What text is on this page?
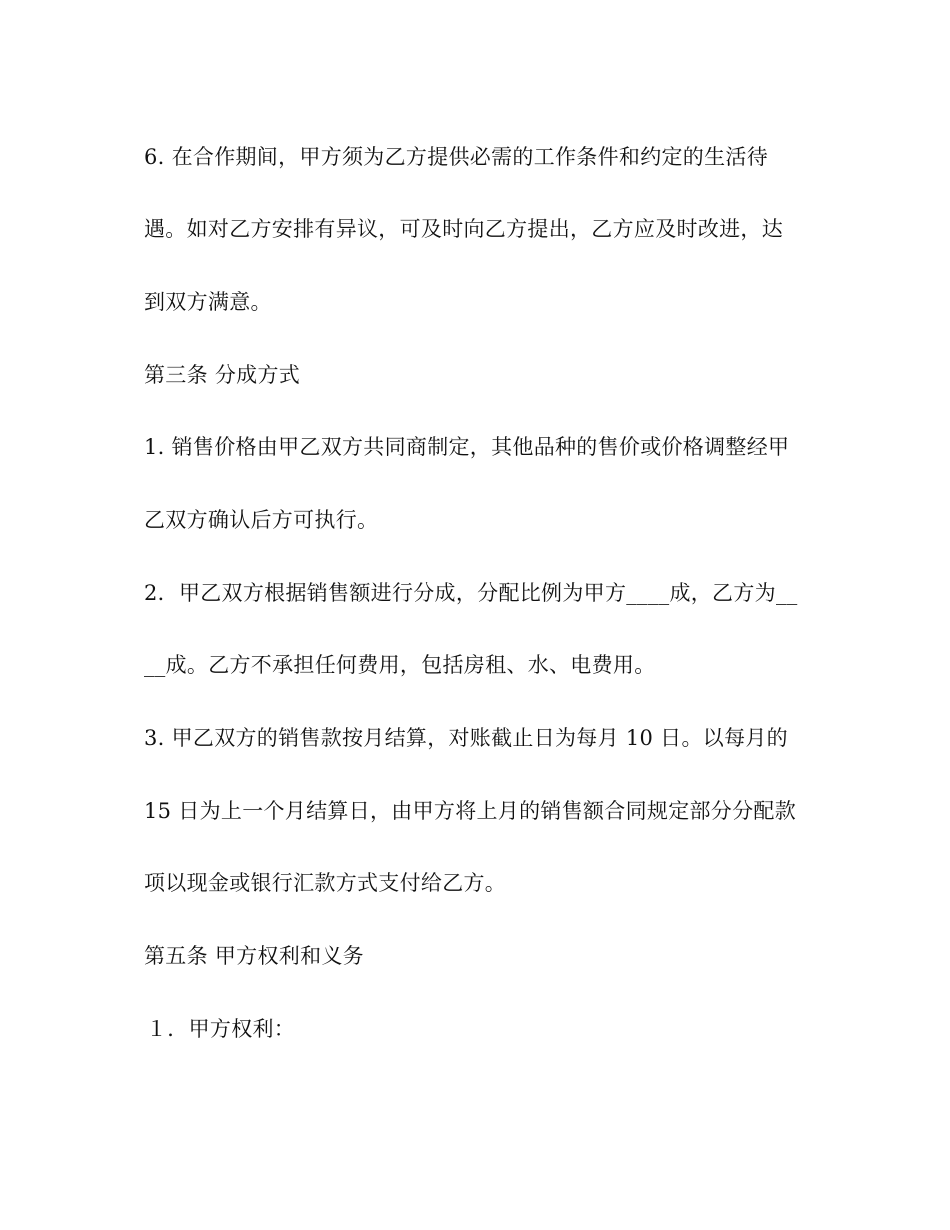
6. 在合作期间，甲方须为乙方提供必需的工作条件和约定的生活待
遇。如对乙方安排有异议，可及时向乙方提出，乙方应及时改进，达
到双方满意。
第三条 分成方式
1. 销售价格由甲乙双方共同商制定，其他品种的售价或价格调整经甲
乙双方确认后方可执行。
2．甲乙双方根据销售额进行分成，分配比例为甲方____成，乙方为__
__成。乙方不承担任何费用，包括房租、水、电费用。
3. 甲乙双方的销售款按月结算，对账截止日为每月 10 日。以每月的
15 日为上一个月结算日，由甲方将上月的销售额合同规定部分分配款
项以现金或银行汇款方式支付给乙方。
第五条 甲方权利和义务
１．甲方权利：
